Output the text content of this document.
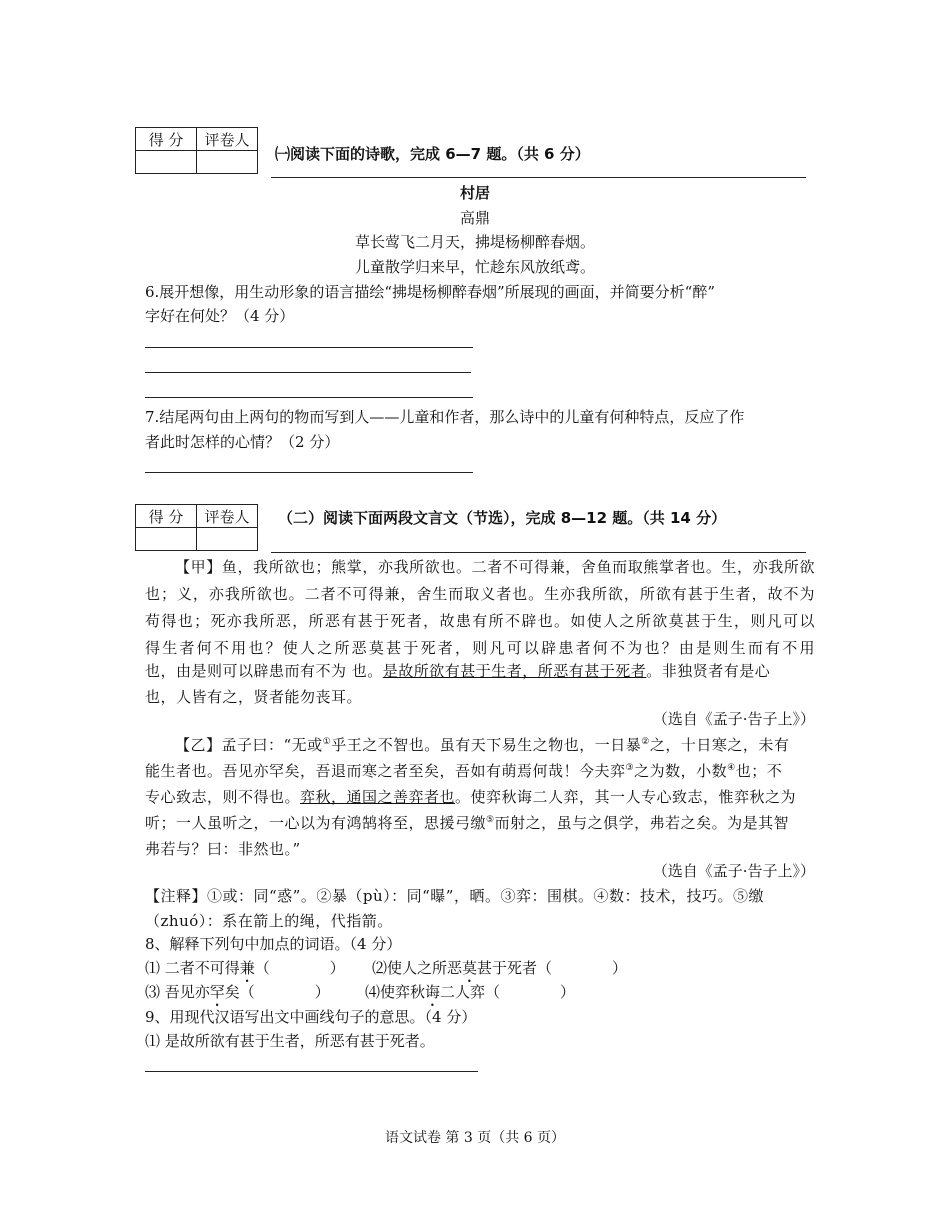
得 分	评卷人

㈠阅读下面的诗歌，完成 6—7 题。（共 6 分）
村居
高鼎
草长莺飞二月天，拂堤杨柳醉春烟。
儿童散学归来早，忙趁东风放纸鸢。
6.展开想像，用生动形象的语言描绘“拂堤杨柳醉春烟”所展现的画面，并简要分析“醉”
字好在何处？（4 分）
7.结尾两句由上两句的物而写到人——儿童和作者，那么诗中的儿童有何种特点，反应了作
者此时怎样的心情？（2 分）
得 分	评卷人
	（二）阅读下面两段文言文（节选），完成 8—12 题。（共 14 分）
【甲】鱼，我所欲也；熊掌，亦我所欲也。二者不可得兼，舍鱼而取熊掌者也。生，亦我所欲
也；义，亦我所欲也。二者不可得兼，舍生而取义者也。生亦我所欲，所欲有甚于生者，故不为
苟得也；死亦我所恶，所恶有甚于死者，故患有所不辟也。如使人之所欲莫甚于生，则凡可以
得生者何不用也？使人之所恶莫甚于死者，则凡可以辟患者何不为也？由是则生而有不用
也，由是则可以辟患而有不为 也。是故所欲有甚于生者，所恶有甚于死者。非独贤者有是心
也，人皆有之，贤者能勿丧耳。
（选自《孟子·告子上》）
【乙】孟子曰：“无或①乎王之不智也。虽有天下易生之物也，一日暴②之，十日寒之，未有
能生者也。吾见亦罕矣，吾退而寒之者至矣，吾如有萌焉何哉！今夫弈③之为数，小数④也；不
专心致志，则不得也。弈秋，通国之善弈者也。使弈秋诲二人弈，其一人专心致志，惟弈秋之为
听；一人虽听之，一心以为有鸿鹄将至，思援弓缴⑤而射之，虽与之俱学，弗若之矣。为是其智
弗若与？曰：非然也。”
（选自《孟子·告子上》）
【注释】①或：同“惑”。②暴（pù）：同“曝”，晒。③弈：围棋。④数：技术，技巧。⑤缴
（zhuó）：系在箭上的绳，代指箭。
8、解释下列句中加点的词语。（4 分）
⑴ 二者不可得兼（　　　　） ⑵使人之所恶莫甚于死者（　　　　）
⑶ 吾见亦罕矣（　　　　） ⑷使弈秋诲二人弈（　　　　）
9、用现代汉语写出文中画线句子的意思。（4 分）
⑴ 是故所欲有甚于生者，所恶有甚于死者。
语文试卷 第 3 页（共 6 页）
